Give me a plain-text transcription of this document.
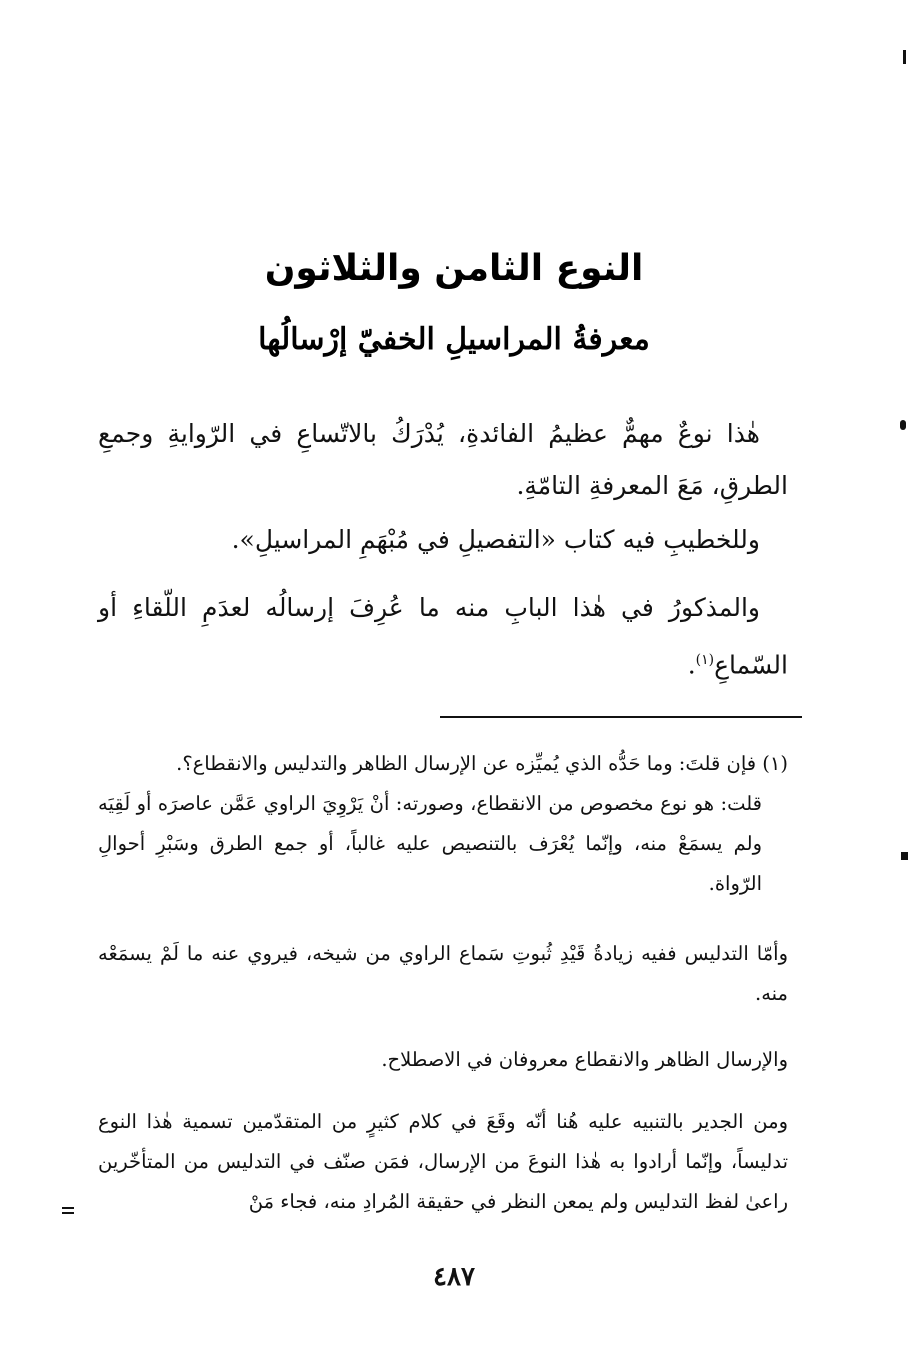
النوع الثامن والثلاثون
معرفةُ المراسيلِ الخفيّ إرْسالُها
هٰذا نوعٌ مهمٌّ عظيمُ الفائدةِ، يُدْرَكُ بالاتّساعِ في الرّوايةِ وجمعِ الطرقِ، مَعَ المعرفةِ التامّةِ.
وللخطيبِ فيه كتاب «التفصيلِ في مُبْهَمِ المراسيلِ».
والمذكورُ في هٰذا البابِ منه ما عُرِفَ إرسالُه لعدَمِ اللّقاءِ أو السّماعِ$^{(١)}$.
(١) فإن قلتَ: وما حَدُّه الذي يُميِّزه عن الإرسال الظاهر والتدليس والانقطاع؟.
قلت: هو نوع مخصوص من الانقطاع، وصورته: أنْ يَرْوِيَ الراوي عَمَّن عاصرَه أو لَقِيَه ولم يسمَعْ منه، وإنّما يُعْرَف بالتنصيص عليه غالباً، أو جمع الطرق وسَبْرِ أحوالِ الرّواة.
وأمّا التدليس ففيه زيادةُ قَيْدِ ثُبوتِ سَماع الراوي من شيخه، فيروي عنه ما لَمْ يسمَعْه منه.
والإرسال الظاهر والانقطاع معروفان في الاصطلاح.
ومن الجدير بالتنبيه عليه هُنا أنّه وقَعَ في كلام كثيرٍ من المتقدّمين تسمية هٰذا النوع تدليساً، وإنّما أرادوا به هٰذا النوعَ من الإرسال، فمَن صنّف في التدليس من المتأخّرين راعىٰ لفظ التدليس ولم يمعن النظر في حقيقة المُرادِ منه، فجاء مَنْ
٤٨٧
